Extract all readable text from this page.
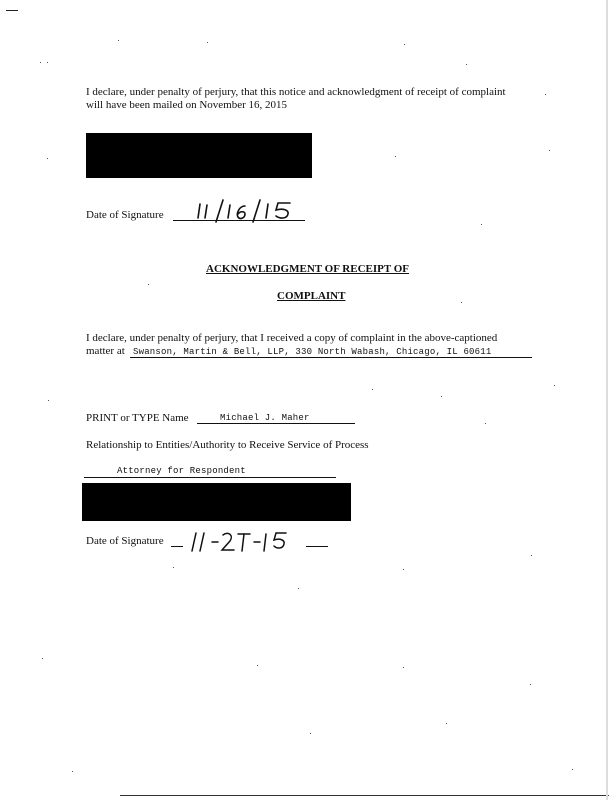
I declare, under penalty of perjury, that this notice and acknowledgment of receipt of complaint
will have been mailed on November 16, 2015
Date of Signature
ACKNOWLEDGMENT OF RECEIPT OF
COMPLAINT
I declare, under penalty of perjury, that I received a copy of complaint in the above-captioned
matter at Swanson, Martin & Bell, LLP, 330 North Wabash, Chicago, IL 60611
PRINT or TYPE Name	Michael J. Maher
Relationship to Entities/Authority to Receive Service of Process
Attorney for Respondent
Date of Signature
